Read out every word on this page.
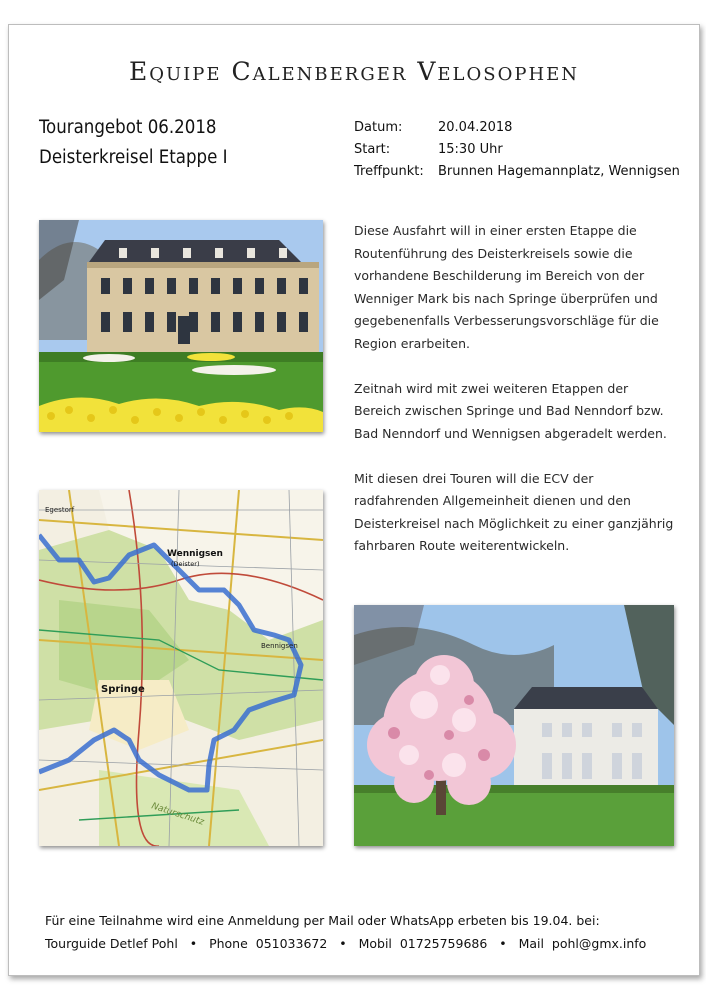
Equipe Calenberger Velosophen
Tourangebot 06.2018
Deisterkreisel Etappe I
Datum:	20.04.2018
Start:	15:30 Uhr
Treffpunkt:	Brunnen Hagemannplatz, Wennigsen

Diese Ausfahrt will in einer ersten Etappe die Routenführung des Deisterkreisels sowie die vorhandene Beschilderung im Bereich von der Wenniger Mark bis nach Springe überprüfen und gegebenenfalls Verbesserungsvorschläge für die Region erarbeiten.

Zeitnah wird mit zwei weiteren Etappen der Bereich zwischen Springe und Bad Nenndorf bzw. Bad Nenndorf und Wennigsen abgeradelt werden.

Mit diesen drei Touren will die ECV der radfahrenden Allgemeinheit dienen und den Deisterkreisel nach Möglichkeit zu einer ganzjährig fahrbaren Route weiterentwickeln.

Wennigsen
(Deister)
Springe
Egestorf
Bennigsen
Naturschutz
Für eine Teilnahme wird eine Anmeldung per Mail oder WhatsApp erbeten bis 19.04. bei:
Tourguide Detlef Pohl • Phone  051033672 • Mobil  01725759686 • Mail  pohl@gmx.info
